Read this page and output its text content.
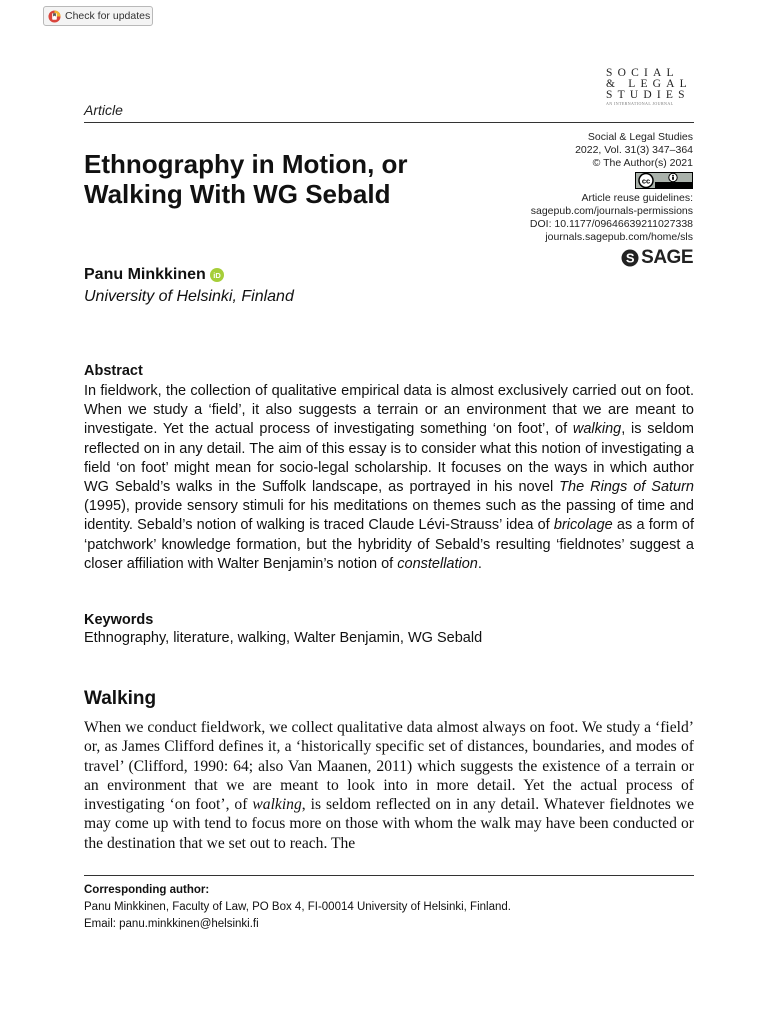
Check for updates
SOCIAL
& LEGAL
STUDIES
AN INTERNATIONAL JOURNAL
Article
Social & Legal Studies
2022, Vol. 31(3) 347–364
© The Author(s) 2021
cc
Article reuse guidelines:
sagepub.com/journals-permissions
DOI: 10.1177/09646639211027338
journals.sagepub.com/home/sls
S SAGE
Ethnography in Motion, or Walking With WG Sebald
Panu Minkkinen iD
University of Helsinki, Finland
Abstract

In fieldwork, the collection of qualitative empirical data is almost exclusively carried out on foot. When we study a ‘field’, it also suggests a terrain or an environment that we are meant to investigate. Yet the actual process of investigating something ‘on foot’, of walking, is seldom reflected on in any detail. The aim of this essay is to consider what this notion of investigating a field ‘on foot’ might mean for socio-legal scholarship. It focuses on the ways in which author WG Sebald’s walks in the Suffolk landscape, as portrayed in his novel The Rings of Saturn (1995), provide sensory stimuli for his meditations on themes such as the passing of time and identity. Sebald’s notion of walking is traced Claude Lévi-Strauss’ idea of bricolage as a form of ‘patchwork’ knowledge formation, but the hybridity of Sebald’s resulting ‘fieldnotes’ suggest a closer affiliation with Walter Benjamin’s notion of constellation.

Keywords
Ethnography, literature, walking, Walter Benjamin, WG Sebald
Walking

When we conduct fieldwork, we collect qualitative data almost always on foot. We study a ‘field’ or, as James Clifford defines it, a ‘historically specific set of distances, boundaries, and modes of travel’ (Clifford, 1990: 64; also Van Maanen, 2011) which suggests the existence of a terrain or an environment that we are meant to look into in more detail. Yet the actual process of investigating ‘on foot’, of walking, is seldom reflected on in any detail. Whatever fieldnotes we may come up with tend to focus more on those with whom the walk may have been conducted or the destination that we set out to reach. The

Corresponding author:
Panu Minkkinen, Faculty of Law, PO Box 4, FI-00014 University of Helsinki, Finland.
Email: panu.minkkinen@helsinki.fi
